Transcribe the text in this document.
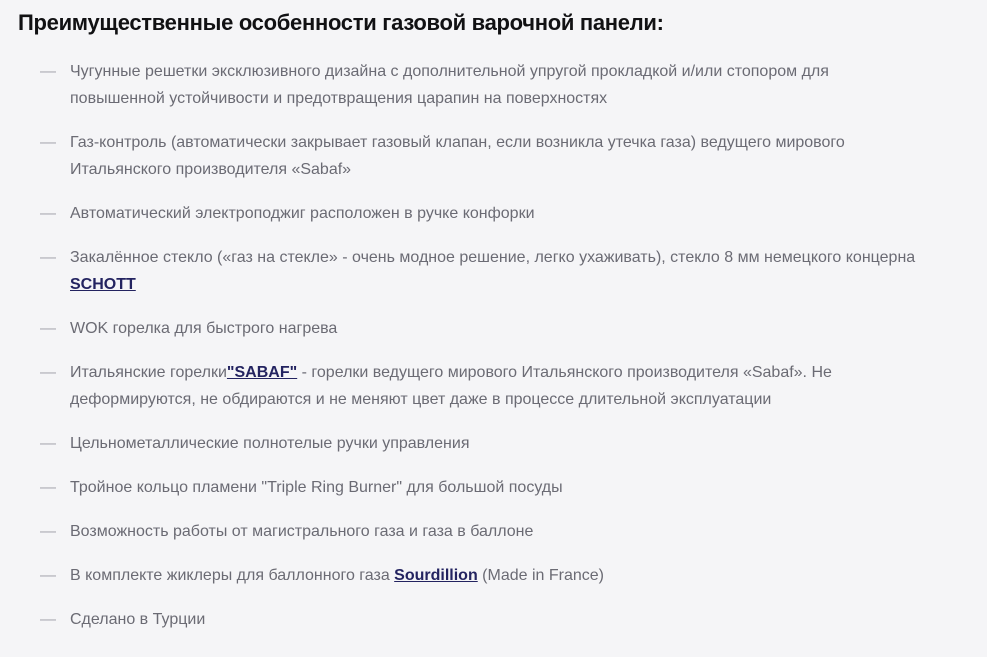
Преимущественные особенности газовой варочной панели:
— Чугунные решетки эксклюзивного дизайна с дополнительной упругой прокладкой и/или стопором для повышенной устойчивости и предотвращения царапин на поверхностях
— Газ-контроль (автоматически закрывает газовый клапан, если возникла утечка газа) ведущего мирового Итальянского производителя «Sabaf»
— Автоматический электроподжиг расположен в ручке конфорки
— Закалённое стекло («газ на стекле» - очень модное решение, легко ухаживать), стекло 8 мм немецкого концерна SCHOTT
— WOK горелка для быстрого нагрева
— Итальянские горелки"SABAF" - горелки ведущего мирового Итальянского производителя «Sabaf». Не деформируются, не обдираются и не меняют цвет даже в процессе длительной эксплуатации
— Цельнометаллические полнотелые ручки управления
— Тройное кольцо пламени "Triple Ring Burner" для большой посуды
— Возможность работы от магистрального газа и газа в баллоне
— В комплекте жиклеры для баллонного газа Sourdillion (Made in France)
— Сделано в Турции
